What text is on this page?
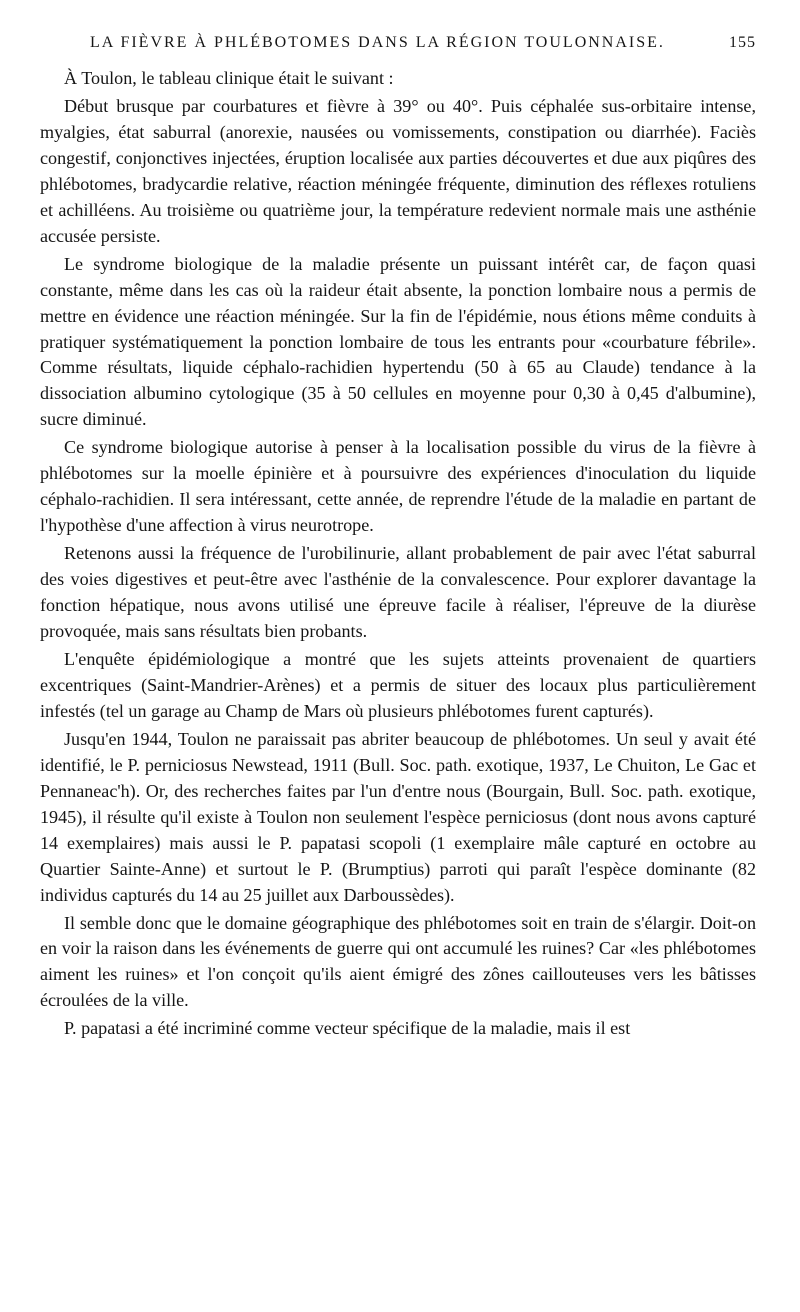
LA FIÈVRE À PHLÉBOTOMES DANS LA RÉGION TOULONNAISE.	155

À Toulon, le tableau clinique était le suivant :

Début brusque par courbatures et fièvre à 39° ou 40°. Puis céphalée sus-orbitaire intense, myalgies, état saburral (anorexie, nausées ou vomissements, constipation ou diarrhée). Faciès congestif, conjonctives injectées, éruption localisée aux parties découvertes et due aux piqûres des phlébotomes, bradycardie relative, réaction méningée fréquente, diminution des réflexes rotuliens et achilléens. Au troisième ou quatrième jour, la température redevient normale mais une asthénie accusée persiste.

Le syndrome biologique de la maladie présente un puissant intérêt car, de façon quasi constante, même dans les cas où la raideur était absente, la ponction lombaire nous a permis de mettre en évidence une réaction méningée. Sur la fin de l'épidémie, nous étions même conduits à pratiquer systématiquement la ponction lombaire de tous les entrants pour «courbature fébrile». Comme résultats, liquide céphalo-rachidien hypertendu (50 à 65 au Claude) tendance à la dissociation albumino cytologique (35 à 50 cellules en moyenne pour 0,30 à 0,45 d'albumine), sucre diminué.

Ce syndrome biologique autorise à penser à la localisation possible du virus de la fièvre à phlébotomes sur la moelle épinière et à poursuivre des expériences d'inoculation du liquide céphalo-rachidien. Il sera intéressant, cette année, de reprendre l'étude de la maladie en partant de l'hypothèse d'une affection à virus neurotrope.

Retenons aussi la fréquence de l'urobilinurie, allant probablement de pair avec l'état saburral des voies digestives et peut-être avec l'asthénie de la convalescence. Pour explorer davantage la fonction hépatique, nous avons utilisé une épreuve facile à réaliser, l'épreuve de la diurèse provoquée, mais sans résultats bien probants.

L'enquête épidémiologique a montré que les sujets atteints provenaient de quartiers excentriques (Saint-Mandrier-Arènes) et a permis de situer des locaux plus particulièrement infestés (tel un garage au Champ de Mars où plusieurs phlébotomes furent capturés).

Jusqu'en 1944, Toulon ne paraissait pas abriter beaucoup de phlébotomes. Un seul y avait été identifié, le P. perniciosus Newstead, 1911 (Bull. Soc. path. exotique, 1937, Le Chuiton, Le Gac et Pennaneac'h). Or, des recherches faites par l'un d'entre nous (Bourgain, Bull. Soc. path. exotique, 1945), il résulte qu'il existe à Toulon non seulement l'espèce perniciosus (dont nous avons capturé 14 exemplaires) mais aussi le P. papatasi scopoli (1 exemplaire mâle capturé en octobre au Quartier Sainte-Anne) et surtout le P. (Brumptius) parroti qui paraît l'espèce dominante (82 individus capturés du 14 au 25 juillet aux Darboussèdes).

Il semble donc que le domaine géographique des phlébotomes soit en train de s'élargir. Doit-on en voir la raison dans les événements de guerre qui ont accumulé les ruines? Car «les phlébotomes aiment les ruines» et l'on conçoit qu'ils aient émigré des zônes caillouteuses vers les bâtisses écroulées de la ville.

P. papatasi a été incriminé comme vecteur spécifique de la maladie, mais il est
